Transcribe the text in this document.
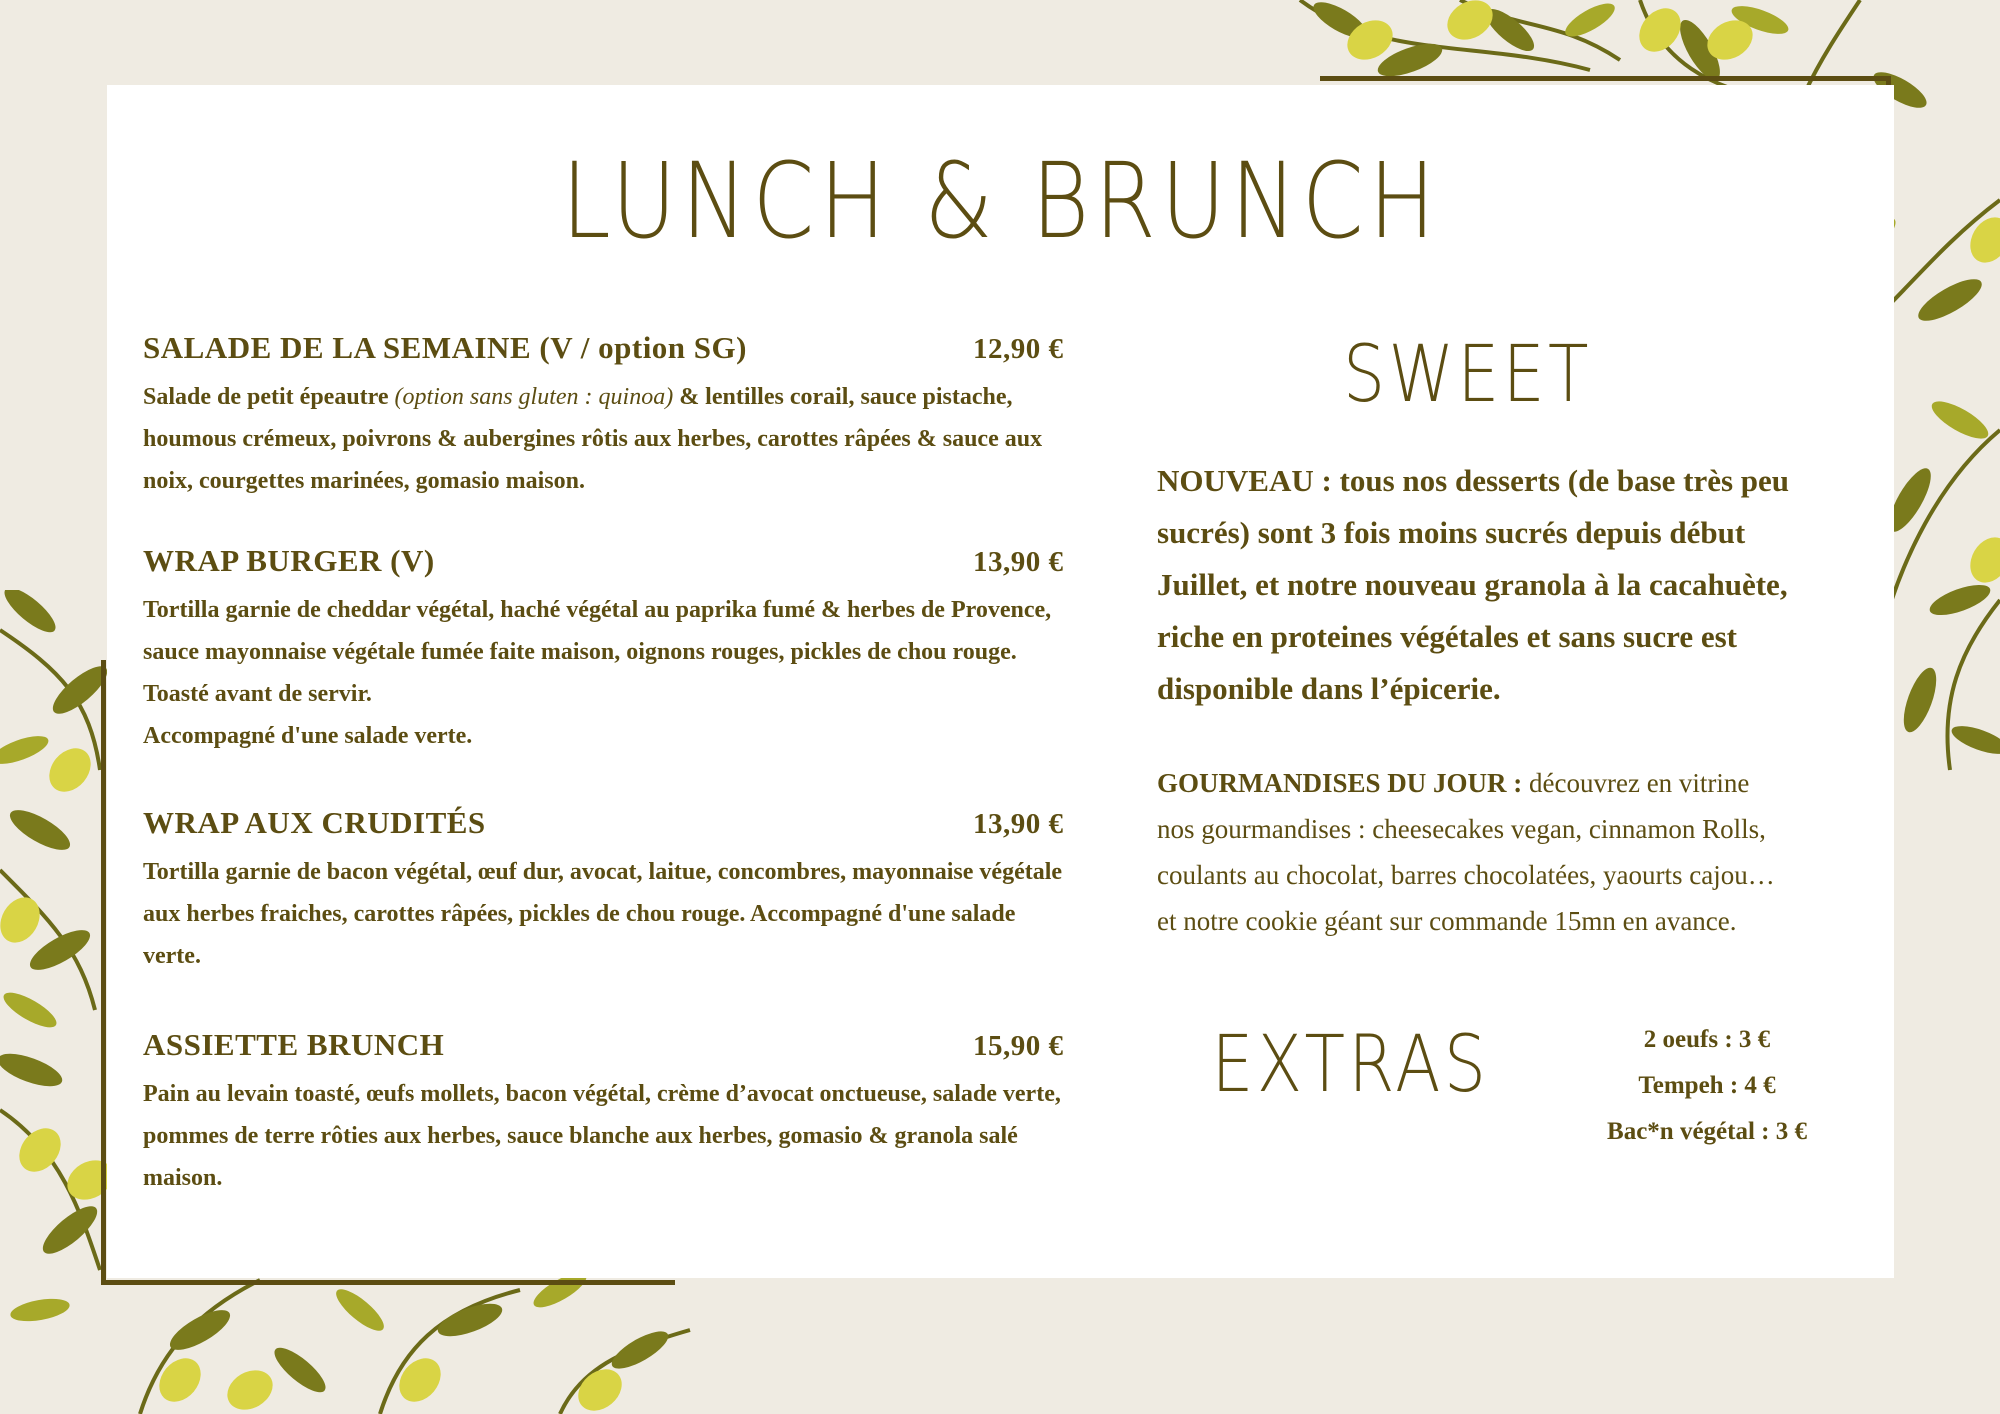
LUNCH & BRUNCH
SALADE DE LA SEMAINE (V / option SG)	12,90 €
Salade de petit épeautre (option sans gluten : quinoa) & lentilles corail, sauce pistache, houmous crémeux, poivrons & aubergines rôtis aux herbes, carottes râpées & sauce aux noix, courgettes marinées, gomasio maison.
WRAP BURGER (V)	13,90 €
Tortilla garnie de cheddar végétal, haché végétal au paprika fumé & herbes de Provence, sauce mayonnaise végétale fumée faite maison, oignons rouges, pickles de chou rouge. Toasté avant de servir.
Accompagné d'une salade verte.
WRAP AUX CRUDITÉS	13,90 €
Tortilla garnie de bacon végétal, œuf dur, avocat, laitue, concombres, mayonnaise végétale aux herbes fraiches, carottes râpées, pickles de chou rouge. Accompagné d'une salade verte.
ASSIETTE BRUNCH	15,90 €
Pain au levain toasté, œufs mollets, bacon végétal, crème d’avocat onctueuse, salade verte, pommes de terre rôties aux herbes, sauce blanche aux herbes, gomasio & granola salé maison.
SWEET
NOUVEAU : tous nos desserts (de base très peu sucrés) sont 3 fois moins sucrés depuis début Juillet, et notre nouveau granola à la cacahuète, riche en proteines végétales et sans sucre est disponible dans l’épicerie.
GOURMANDISES DU JOUR : découvrez en vitrine nos gourmandises : cheesecakes vegan, cinnamon Rolls, coulants au chocolat, barres chocolatées, yaourts cajou… et notre cookie géant sur commande 15mn en avance.
EXTRAS	2 oeufs : 3 €
Tempeh : 4 €
Bac*n végétal : 3 €
